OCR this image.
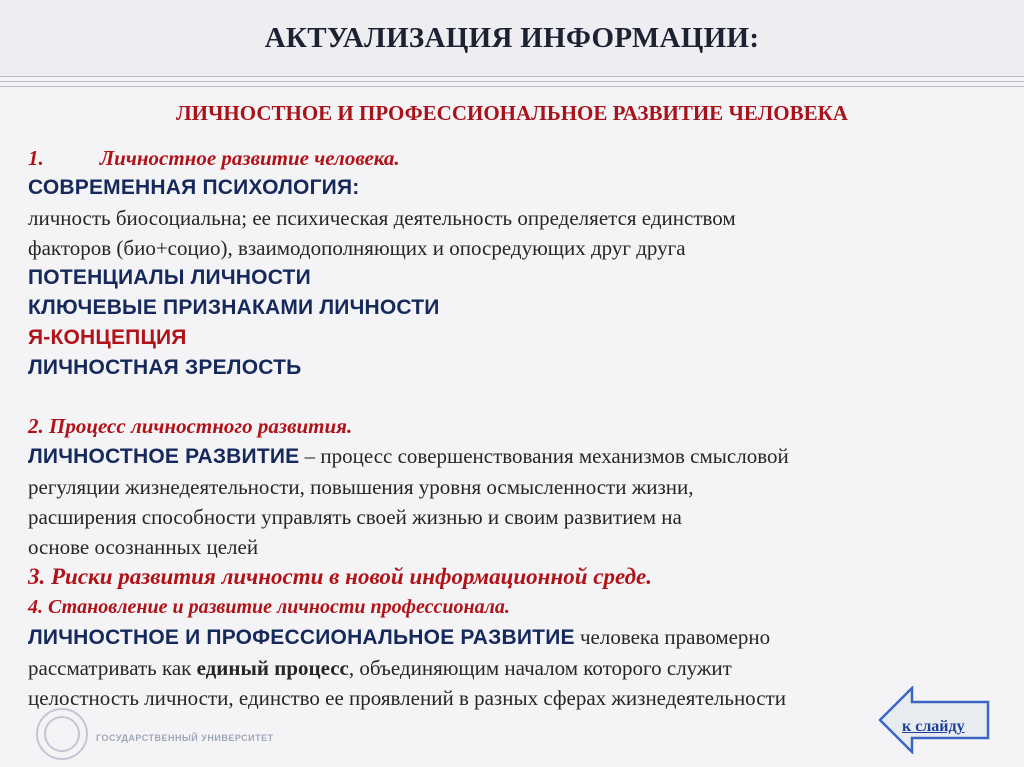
АКТУАЛИЗАЦИЯ ИНФОРМАЦИИ:
ЛИЧНОСТНОЕ И ПРОФЕССИОНАЛЬНОЕ РАЗВИТИЕ ЧЕЛОВЕКА
1.	Личностное развитие человека.
СОВРЕМЕННАЯ ПСИХОЛОГИЯ:
личность биосоциальна; ее психическая деятельность определяется единством
факторов (био+социо), взаимодополняющих и опосредующих друг друга
ПОТЕНЦИАЛЫ ЛИЧНОСТИ
КЛЮЧЕВЫЕ ПРИЗНАКАМИ ЛИЧНОСТИ
Я-КОНЦЕПЦИЯ
ЛИЧНОСТНАЯ ЗРЕЛОСТЬ
2. Процесс личностного развития.
ЛИЧНОСТНОЕ РАЗВИТИЕ – процесс совершенствования механизмов смысловой
регуляции жизнедеятельности, повышения уровня осмысленности жизни,
расширения способности управлять своей жизнью и своим развитием на
основе осознанных целей
3. Риски развития личности в новой информационной среде.
4. Становление и развитие личности профессионала.
ЛИЧНОСТНОЕ И ПРОФЕССИОНАЛЬНОЕ РАЗВИТИЕ человека правомерно
рассматривать как единый процесс, объединяющим началом которого служит
целостность личности, единство ее проявлений в разных сферах жизнедеятельности
ГОСУДАРСТВЕННЫЙ УНИВЕРСИТЕТ
к слайду
